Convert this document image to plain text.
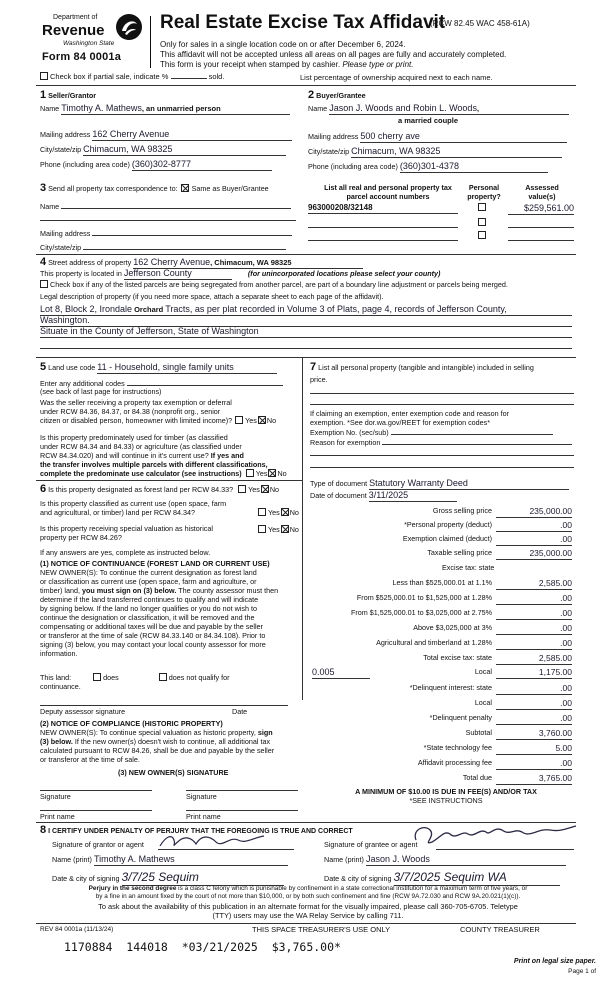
Department of
Revenue
Washington State
Form 84 0001a
Real Estate Excise Tax Affidavit
(RCW 82.45 WAC 458-61A)
Only for sales in a single location code on or after December 6, 2024.
This affidavit will not be accepted unless all areas on all pages are fully and accurately completed.
This form is your receipt when stamped by cashier. Please type or print.
Check box if partial sale, indicate %	sold.	List percentage of ownership acquired next to each name.
1 Seller/Grantor
Name Timothy A. Mathews, an unmarried person
Mailing address 162 Cherry Avenue
City/state/zip Chimacum, WA 98325
Phone (including area code) (360)302-8777
2 Buyer/Grantee
Name Jason J. Woods and Robin L. Woods,
a married couple
Mailing address 500 cherry ave
City/state/zip Chimacum, WA 98325
Phone (including area code) (360)301-4378
3 Send all property tax correspondence to: Same as Buyer/Grantee
Name
Mailing address
City/state/zip
List all real and personal property tax
parcel account numbers
Personal
property?
Assessed
value(s)
963000208/32148	$259,561.00
4 Street address of property 162 Cherry Avenue, Chimacum, WA 98325
This property is located in Jefferson County	(for unincorporated locations please select your county)
Check box if any of the listed parcels are being segregated from another parcel, are part of a boundary line adjustment or parcels being merged.
Legal description of property (if you need more space, attach a separate sheet to each page of the affidavit).
Lot 8, Block 2, Irondale Orchard Tracts, as per plat recorded in Volume 3 of Plats, page 4, records of Jefferson County,
Washington.
Situate in the County of Jefferson, State of Washington
5 Land use code 11 - Household, single family units
Enter any additional codes
(see back of last page for instructions)
Was the seller receiving a property tax exemption or deferral
under RCW 84.36, 84.37, or 84.38 (nonprofit org., senior
citizen or disabled person, homeowner with limited income)? Yes No
Is this property predominately used for timber (as classified
under RCW 84.34 and 84.33) or agriculture (as classified under
RCW 84.34.020) and will continue in it's current use? If yes and
the transfer involves multiple parcels with different classifications,
complete the predominate use calculator (see instructions) Yes No
6 Is this property designated as forest land per RCW 84.33? Yes No
Is this property classified as current use (open space, farm
and agricultural, or timber) land per RCW 84.34?	Yes No
Is this property receiving special valuation as historical
property per RCW 84.26?
Yes No
If any answers are yes, complete as instructed below.
(1) NOTICE OF CONTINUANCE (FOREST LAND OR CURRENT USE)
NEW OWNER(S): To continue the current designation as forest land
or classification as current use (open space, farm and agriculture, or
timber) land, you must sign on (3) below. The county assessor must then
determine if the land transferred continues to qualify and will indicate
by signing below. If the land no longer qualifies or you do not wish to
continue the designation or classification, it will be removed and the
compensating or additional taxes will be due and payable by the seller
or transferor at the time of sale (RCW 84.33.140 or 84.34.108). Prior to
signing (3) below, you may contact your local county assessor for more
information.
This land:	does	does not qualify for
continuance.
Deputy assessor signature	Date
(2) NOTICE OF COMPLIANCE (HISTORIC PROPERTY)
NEW OWNER(S): To continue special valuation as historic property, sign
(3) below. If the new owner(s) doesn't wish to continue, all additional tax
calculated pursuant to RCW 84.26, shall be due and payable by the seller
or transferor at the time of sale.
(3) NEW OWNER(S) SIGNATURE
Signature	Signature
Print name	Print name
7 List all personal property (tangible and intangible) included in selling
price.
If claiming an exemption, enter exemption code and reason for
exemption. *See dor.wa.gov/REET for exemption codes*
Exemption No. (sec/sub)
Reason for exemption
Type of document Statutory Warranty Deed
Date of document 3/11/2025
Gross selling price	235,000.00
*Personal property (deduct)	.00
Exemption claimed (deduct)	.00
Taxable selling price	235,000.00
Excise tax: state
Less than $525,000.01 at 1.1%	2,585.00
From $525,000.01 to $1,525,000 at 1.28%	.00
From $1,525,000.01 to $3,025,000 at 2.75%	.00
Above $3,025,000 at 3%	.00
Agricultural and timberland at 1.28%	.00
Total excise tax: state	2,585.00
0.005	Local	1,175.00
*Delinquent interest: state	.00
Local	.00
*Delinquent penalty	.00
Subtotal	3,760.00
*State technology fee	5.00
Affidavit processing fee	.00
Total due	3,765.00
A MINIMUM OF $10.00 IS DUE IN FEE(S) AND/OR TAX
*SEE INSTRUCTIONS
8 I CERTIFY UNDER PENALTY OF PERJURY THAT THE FOREGOING IS TRUE AND CORRECT
Signature of grantor or agent
Name (print) Timothy A. Mathews
Date & city of signing 3/7/25 Sequim
Signature of grantee or agent
Name (print) Jason J. Woods
Date & city of signing 3/7/2025 Sequim WA
Perjury in the second degree is a class C felony which is punishable by confinement in a state correctional institution for a maximum term of five years, or
by a fine in an amount fixed by the court of not more than $10,000, or by both such confinement and fine (RCW 9A.72.030 and RCW 9A.20.021(1)(c)).
To ask about the availability of this publication in an alternate format for the visually impaired, please call 360-705-6705. Teletype
(TTY) users may use the WA Relay Service by calling 711.
REV 84 0001a (11/13/24)	THIS SPACE TREASURER'S USE ONLY	COUNTY TREASURER
1170884  144018  *03/21/2025  $3,765.00*
Print on legal size paper.
Page 1 of
